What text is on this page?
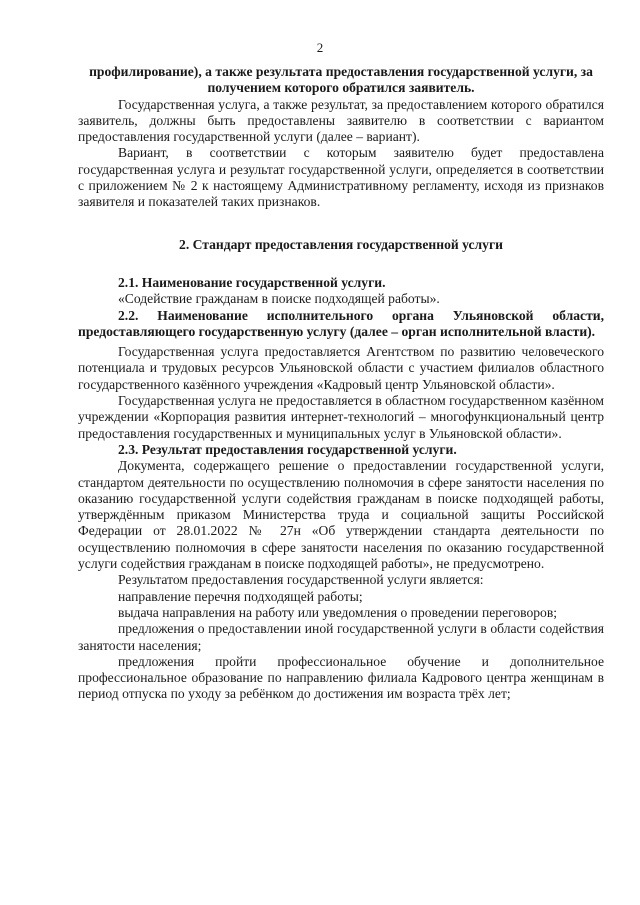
2

профилирование), а также результата предоставления государственной услуги, за получением которого обратился заявитель.

Государственная услуга, а также результат, за предоставлением которого обратился заявитель, должны быть предоставлены заявителю в соответствии с вариантом предоставления государственной услуги (далее – вариант).

Вариант, в соответствии с которым заявителю будет предоставлена государственная услуга и результат государственной услуги, определяется в соответствии с приложением № 2 к настоящему Административному регламенту, исходя из признаков заявителя и показателей таких признаков.

2. Стандарт предоставления государственной услуги

2.1. Наименование государственной услуги.

«Содействие гражданам в поиске подходящей работы».

2.2. Наименование исполнительного органа Ульяновской области, предоставляющего государственную услугу (далее – орган исполнительной власти).

Государственная услуга предоставляется Агентством по развитию человеческого потенциала и трудовых ресурсов Ульяновской области с участием филиалов областного государственного казённого учреждения «Кадровый центр Ульяновской области».

Государственная услуга не предоставляется в областном государственном казённом учреждении «Корпорация развития интернет-технологий – многофункциональный центр предоставления государственных и муниципальных услуг в Ульяновской области».

2.3. Результат предоставления государственной услуги.

Документа, содержащего решение о предоставлении государственной услуги, стандартом деятельности по осуществлению полномочия в сфере занятости населения по оказанию государственной услуги содействия гражданам в поиске подходящей работы, утверждённым приказом Министерства труда и социальной защиты Российской Федерации от 28.01.2022 № 27н «Об утверждении стандарта деятельности по осуществлению полномочия в сфере занятости населения по оказанию государственной услуги содействия гражданам в поиске подходящей работы», не предусмотрено.

Результатом предоставления государственной услуги является:

направление перечня подходящей работы;

выдача направления на работу или уведомления о проведении переговоров;

предложения о предоставлении иной государственной услуги в области содействия занятости населения;

предложения пройти профессиональное обучение и дополнительное профессиональное образование по направлению филиала Кадрового центра женщинам в период отпуска по уходу за ребёнком до достижения им возраста трёх лет;
